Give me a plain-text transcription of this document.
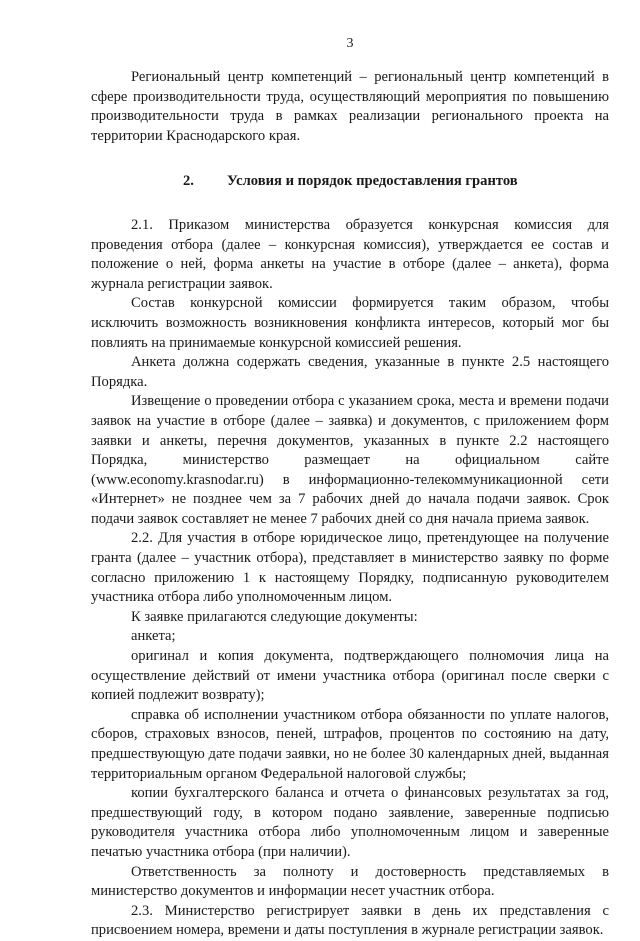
3

Региональный центр компетенций – региональный центр компетенций в сфере производительности труда, осуществляющий мероприятия по повышению производительности труда в рамках реализации регионального проекта на территории Краснодарского края.

2. Условия и порядок предоставления грантов

2.1. Приказом министерства образуется конкурсная комиссия для проведения отбора (далее – конкурсная комиссия), утверждается ее состав и положение о ней, форма анкеты на участие в отборе (далее – анкета), форма журнала регистрации заявок.

Состав конкурсной комиссии формируется таким образом, чтобы исключить возможность возникновения конфликта интересов, который мог бы повлиять на принимаемые конкурсной комиссией решения.

Анкета должна содержать сведения, указанные в пункте 2.5 настоящего Порядка.

Извещение о проведении отбора с указанием срока, места и времени подачи заявок на участие в отборе (далее – заявка) и документов, с приложением форм заявки и анкеты, перечня документов, указанных в пункте 2.2 настоящего Порядка, министерство размещает на официальном сайте (www.economy.krasnodar.ru) в информационно-телекоммуникационной сети «Интернет» не позднее чем за 7 рабочих дней до начала подачи заявок. Срок подачи заявок составляет не менее 7 рабочих дней со дня начала приема заявок.

2.2. Для участия в отборе юридическое лицо, претендующее на получение гранта (далее – участник отбора), представляет в министерство заявку по форме согласно приложению 1 к настоящему Порядку, подписанную руководителем участника отбора либо уполномоченным лицом.

К заявке прилагаются следующие документы:

анкета;

оригинал и копия документа, подтверждающего полномочия лица на осуществление действий от имени участника отбора (оригинал после сверки с копией подлежит возврату);

справка об исполнении участником отбора обязанности по уплате налогов, сборов, страховых взносов, пеней, штрафов, процентов по состоянию на дату, предшествующую дате подачи заявки, но не более 30 календарных дней, выданная территориальным органом Федеральной налоговой службы;

копии бухгалтерского баланса и отчета о финансовых результатах за год, предшествующий году, в котором подано заявление, заверенные подписью руководителя участника отбора либо уполномоченным лицом и заверенные печатью участника отбора (при наличии).

Ответственность за полноту и достоверность представляемых в министерство документов и информации несет участник отбора.

2.3. Министерство регистрирует заявки в день их представления с присвоением номера, времени и даты поступления в журнале регистрации заявок.
